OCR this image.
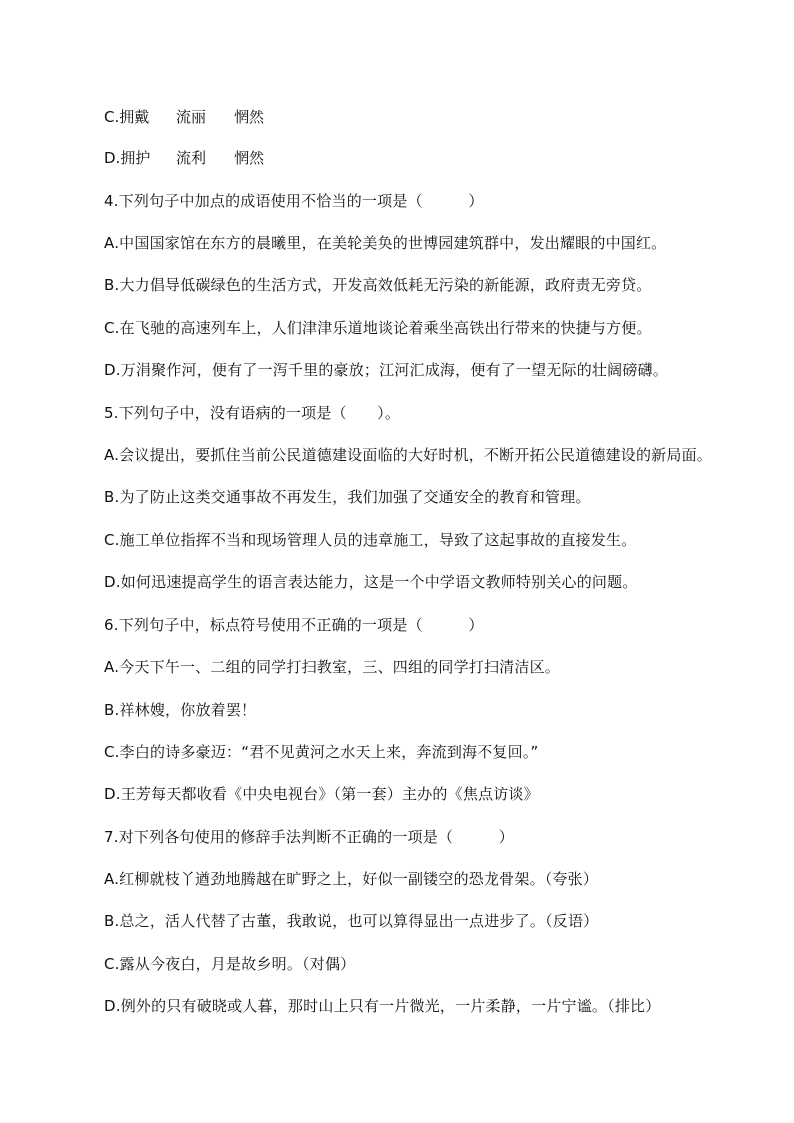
C.拥戴 流丽 惘然
D.拥护 流利 惘然
4.下列句子中加点的成语使用不恰当的一项是（　　　）
A.中国国家馆在东方的晨曦里，在美轮美奂的世博园建筑群中，发出耀眼的中国红。
B.大力倡导低碳绿色的生活方式，开发高效低耗无污染的新能源，政府责无旁贷。
C.在飞驰的高速列车上，人们津津乐道地谈论着乘坐高铁出行带来的快捷与方便。
D.万涓聚作河，便有了一泻千里的豪放；江河汇成海，便有了一望无际的壮阔磅礴。
5.下列句子中，没有语病的一项是（　　）。
A.会议提出，要抓住当前公民道德建设面临的大好时机，不断开拓公民道德建设的新局面。
B.为了防止这类交通事故不再发生，我们加强了交通安全的教育和管理。
C.施工单位指挥不当和现场管理人员的违章施工，导致了这起事故的直接发生。
D.如何迅速提高学生的语言表达能力，这是一个中学语文教师特别关心的问题。
6.下列句子中，标点符号使用不正确的一项是（　　　）
A.今天下午一、二组的同学打扫教室，三、四组的同学打扫清洁区。
B.祥林嫂，你放着罢！
C.李白的诗多豪迈：“君不见黄河之水天上来，奔流到海不复回。”
D.王芳每天都收看《中央电视台》（第一套）主办的《焦点访谈》
7.对下列各句使用的修辞手法判断不正确的一项是（　　　）
A.红柳就枝丫遒劲地腾越在旷野之上，好似一副镂空的恐龙骨架。（夸张）
B.总之，活人代替了古董，我敢说，也可以算得显出一点进步了。（反语）
C.露从今夜白，月是故乡明。（对偶）
D.例外的只有破晓或人暮，那时山上只有一片微光，一片柔静，一片宁谧。（排比）
